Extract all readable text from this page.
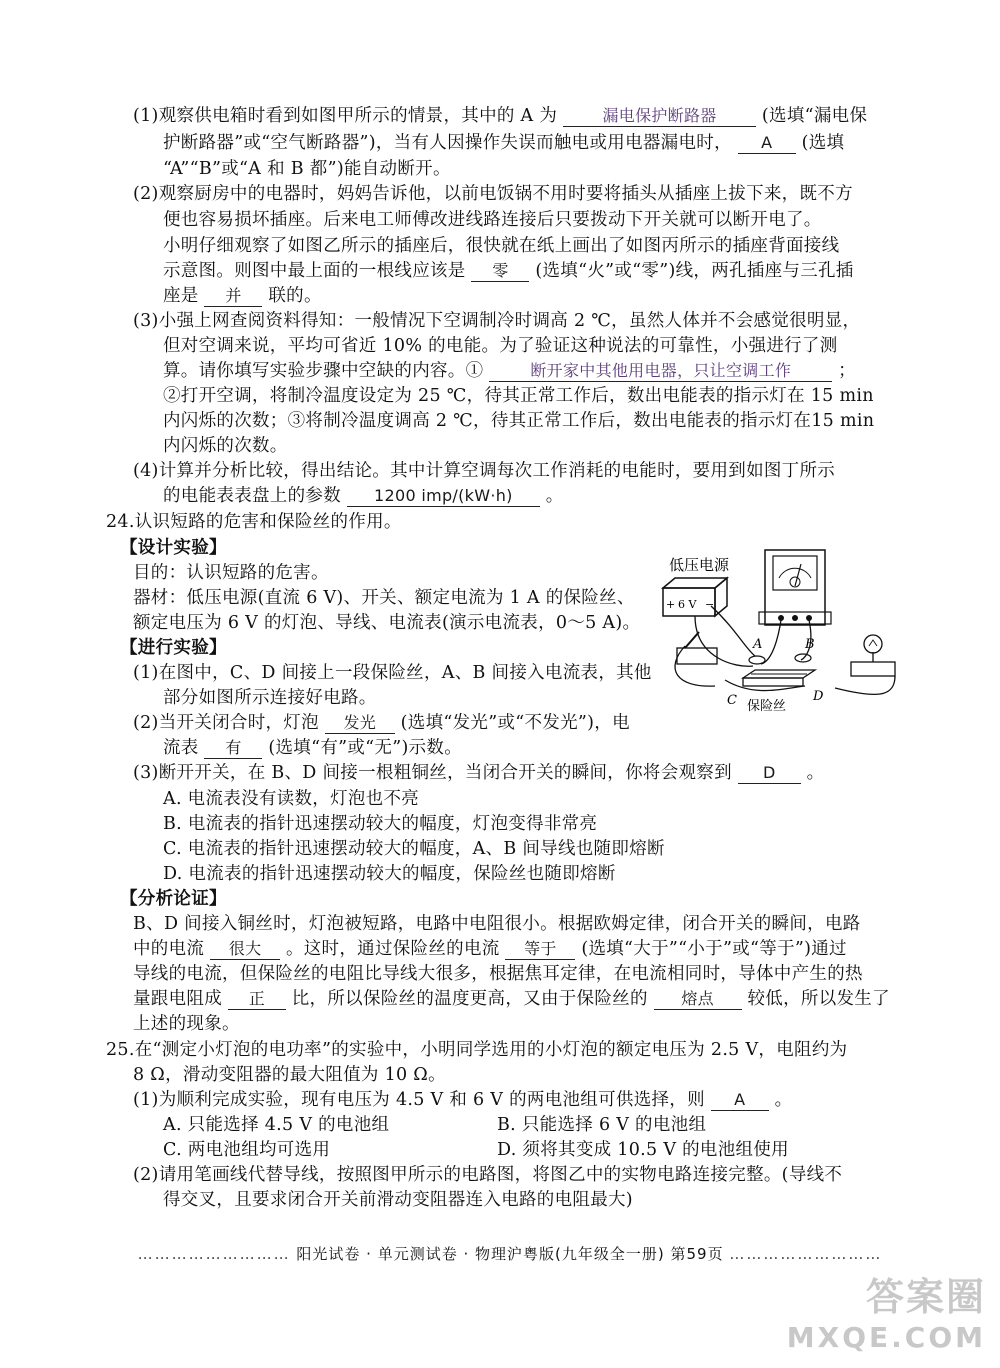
(1)观察供电箱时看到如图甲所示的情景，其中的 A 为	漏电保护断路器	(选填“漏电保
护断路器”或“空气断路器”)，当有人因操作失误而触电或用电器漏电时， A (选填
“A”“B”或“A 和 B 都”)能自动断开。
(2)观察厨房中的电器时，妈妈告诉他，以前电饭锅不用时要将插头从插座上拔下来，既不方
便也容易损坏插座。后来电工师傅改进线路连接后只要拨动下开关就可以断开电了。
小明仔细观察了如图乙所示的插座后，很快就在纸上画出了如图丙所示的插座背面接线
示意图。则图中最上面的一根线应该是 零 (选填“火”或“零”)线，两孔插座与三孔插
座是 并 联的。
(3)小强上网查阅资料得知：一般情况下空调制冷时调高 2 ℃，虽然人体并不会感觉很明显，
但对空调来说，平均可省近 10% 的电能。为了验证这种说法的可靠性，小强进行了测
算。请你填写实验步骤中空缺的内容。①	断开家中其他用电器，只让空调工作	；
②打开空调，将制冷温度设定为 25 ℃，待其正常工作后，数出电能表的指示灯在 15 min
内闪烁的次数；③将制冷温度调高 2 ℃，待其正常工作后，数出电能表的指示灯在15 min
内闪烁的次数。
(4)计算并分析比较，得出结论。其中计算空调每次工作消耗的电能时，要用到如图丁所示
的电能表表盘上的参数 1200 imp/(kW·h) 。
24.认识短路的危害和保险丝的作用。
【设计实验】
目的：认识短路的危害。
器材：低压电源(直流 6 V)、开关、额定电流为 1 A 的保险丝、
额定电压为 6 V 的灯泡、导线、电流表(演示电流表，0～5 A)。
【进行实验】
(1)在图中，C、D 间接上一段保险丝，A、B 间接入电流表，其他
部分如图所示连接好电路。
(2)当开关闭合时，灯泡 发光 (选填“发光”或“不发光”)，电
流表 有 (选填“有”或“无”)示数。
(3)断开开关，在 B、D 间接一根粗铜丝，当闭合开关的瞬间，你将会观察到 D 。
A. 电流表没有读数，灯泡也不亮
B. 电流表的指针迅速摆动较大的幅度，灯泡变得非常亮
C. 电流表的指针迅速摆动较大的幅度，A、B 间导线也随即熔断
D. 电流表的指针迅速摆动较大的幅度，保险丝也随即熔断
【分析论证】
B、D 间接入铜丝时，灯泡被短路，电路中电阻很小。根据欧姆定律，闭合开关的瞬间，电路
中的电流 很大 。这时，通过保险丝的电流 等于 (选填“大于”“小于”或“等于”)通过
导线的电流，但保险丝的电阻比导线大很多，根据焦耳定律，在电流相同时，导体中产生的热
量跟电阻成 正 比，所以保险丝的温度更高，又由于保险丝的 熔点 较低，所以发生了
上述的现象。
低压电源
+ 6 V −
A	B
C	D
保险丝
25.在“测定小灯泡的电功率”的实验中，小明同学选用的小灯泡的额定电压为 2.5 V，电阻约为
8 Ω，滑动变阻器的最大阻值为 10 Ω。
(1)为顺利完成实验，现有电压为 4.5 V 和 6 V 的两电池组可供选择，则 A 。
A. 只能选择 4.5 V 的电池组	B. 只能选择 6 V 的电池组
C. 两电池组均可选用	D. 须将其变成 10.5 V 的电池组使用
(2)请用笔画线代替导线，按照图甲所示的电路图，将图乙中的实物电路连接完整。(导线不
得交叉，且要求闭合开关前滑动变阻器连入电路的电阻最大)
……………………… 阳光试卷 · 单元测试卷 · 物理沪粤版(九年级全一册) 第59页 ………………………
答案圈
MXQE.COM
